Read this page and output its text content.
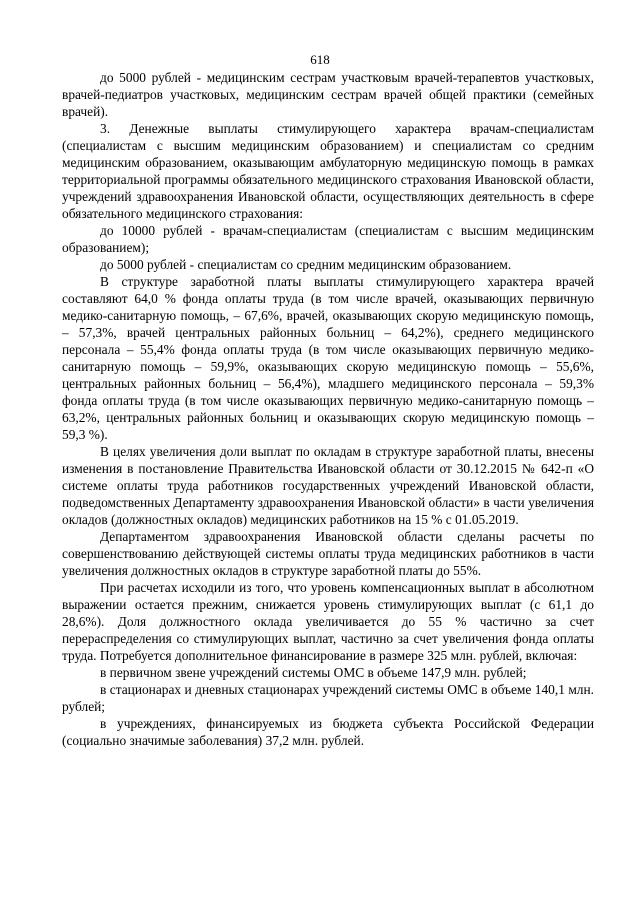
618

до 5000 рублей - медицинским сестрам участковым врачей-терапевтов участковых, врачей-педиатров участковых, медицинским сестрам врачей общей практики (семейных врачей).

3. Денежные выплаты стимулирующего характера врачам-специалистам (специалистам с высшим медицинским образованием) и специалистам со средним медицинским образованием, оказывающим амбулаторную медицинскую помощь в рамках территориальной программы обязательного медицинского страхования Ивановской области, учреждений здравоохранения Ивановской области, осуществляющих деятельность в сфере обязательного медицинского страхования:

до 10000 рублей - врачам-специалистам (специалистам с высшим медицинским образованием);

до 5000 рублей - специалистам со средним медицинским образованием.

В структуре заработной платы выплаты стимулирующего характера врачей составляют 64,0 % фонда оплаты труда (в том числе врачей, оказывающих первичную медико-санитарную помощь, – 67,6%, врачей, оказывающих скорую медицинскую помощь, – 57,3%, врачей центральных районных больниц – 64,2%), среднего медицинского персонала – 55,4% фонда оплаты труда (в том числе оказывающих первичную медико-санитарную помощь – 59,9%, оказывающих скорую медицинскую помощь – 55,6%, центральных районных больниц – 56,4%), младшего медицинского персонала – 59,3% фонда оплаты труда (в том числе оказывающих первичную медико-санитарную помощь – 63,2%, центральных районных больниц и оказывающих скорую медицинскую помощь – 59,3 %).

В целях увеличения доли выплат по окладам в структуре заработной платы, внесены изменения в постановление Правительства Ивановской области от 30.12.2015 № 642-п «О системе оплаты труда работников государственных учреждений Ивановской области, подведомственных Департаменту здравоохранения Ивановской области» в части увеличения окладов (должностных окладов) медицинских работников на 15 % с 01.05.2019.

Департаментом здравоохранения Ивановской области сделаны расчеты по совершенствованию действующей системы оплаты труда медицинских работников в части увеличения должностных окладов в структуре заработной платы до 55%.

При расчетах исходили из того, что уровень компенсационных выплат в абсолютном выражении остается прежним, снижается уровень стимулирующих выплат (с 61,1 до 28,6%). Доля должностного оклада увеличивается до 55 % частично за счет перераспределения со стимулирующих выплат, частично за счет увеличения фонда оплаты труда. Потребуется дополнительное финансирование в размере 325 млн. рублей, включая:

в первичном звене учреждений системы ОМС в объеме 147,9 млн. рублей;

в стационарах и дневных стационарах учреждений системы ОМС в объеме 140,1 млн. рублей;

в учреждениях, финансируемых из бюджета субъекта Российской Федерации (социально значимые заболевания) 37,2 млн. рублей.
